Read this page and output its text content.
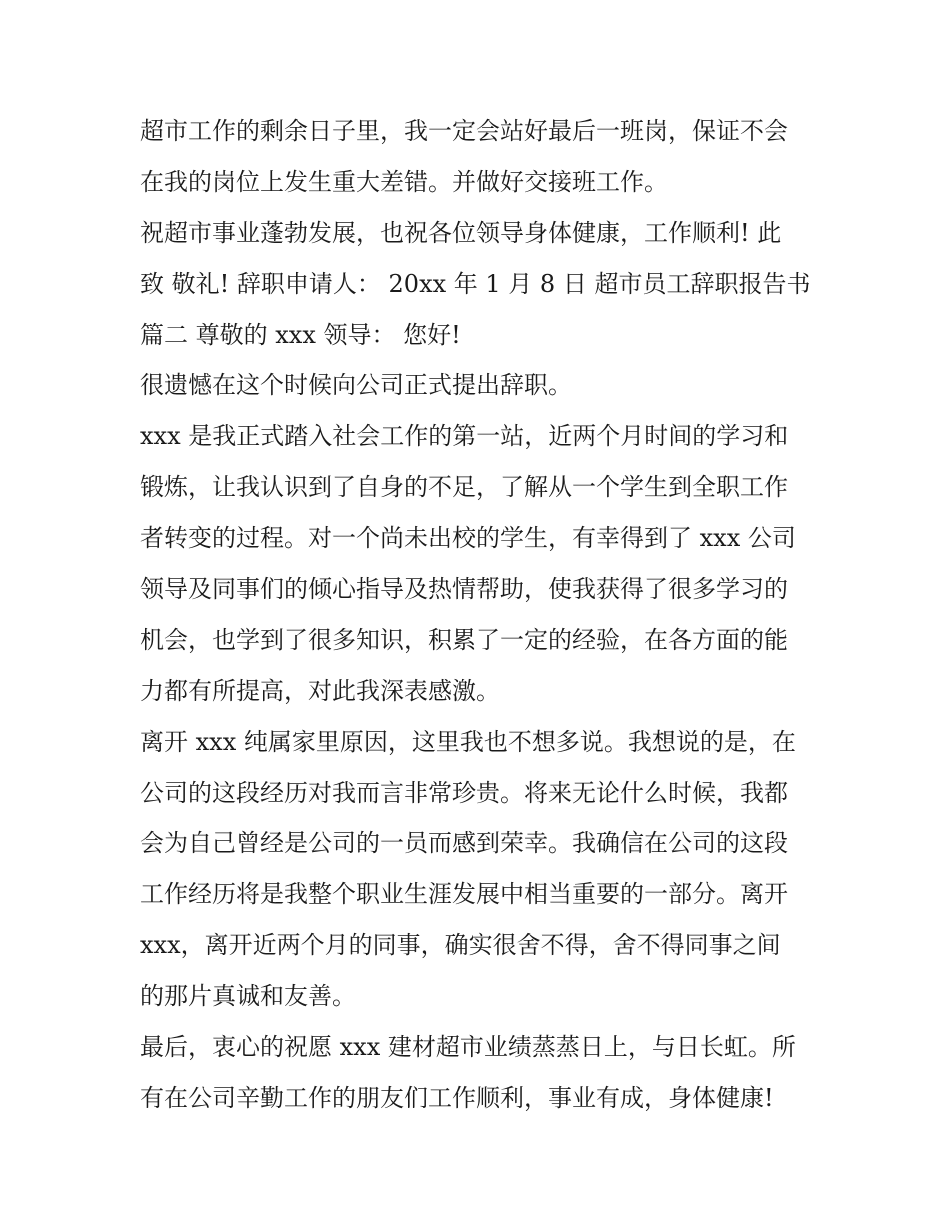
超市工作的剩余日子里，我一定会站好最后一班岗，保证不会
在我的岗位上发生重大差错。并做好交接班工作。
祝超市事业蓬勃发展，也祝各位领导身体健康，工作顺利! 此
致 敬礼! 辞职申请人： 20xx 年 1 月 8 日 超市员工辞职报告书
篇二 尊敬的 xxx 领导： 您好!
很遗憾在这个时候向公司正式提出辞职。
xxx 是我正式踏入社会工作的第一站，近两个月时间的学习和
锻炼，让我认识到了自身的不足，了解从一个学生到全职工作
者转变的过程。对一个尚未出校的学生，有幸得到了 xxx 公司
领导及同事们的倾心指导及热情帮助，使我获得了很多学习的
机会，也学到了很多知识，积累了一定的经验，在各方面的能
力都有所提高，对此我深表感激。
离开 xxx 纯属家里原因，这里我也不想多说。我想说的是，在
公司的这段经历对我而言非常珍贵。将来无论什么时候，我都
会为自己曾经是公司的一员而感到荣幸。我确信在公司的这段
工作经历将是我整个职业生涯发展中相当重要的一部分。离开
xxx，离开近两个月的同事，确实很舍不得，舍不得同事之间
的那片真诚和友善。
最后，衷心的祝愿 xxx 建材超市业绩蒸蒸日上，与日长虹。所
有在公司辛勤工作的朋友们工作顺利，事业有成，身体健康!
